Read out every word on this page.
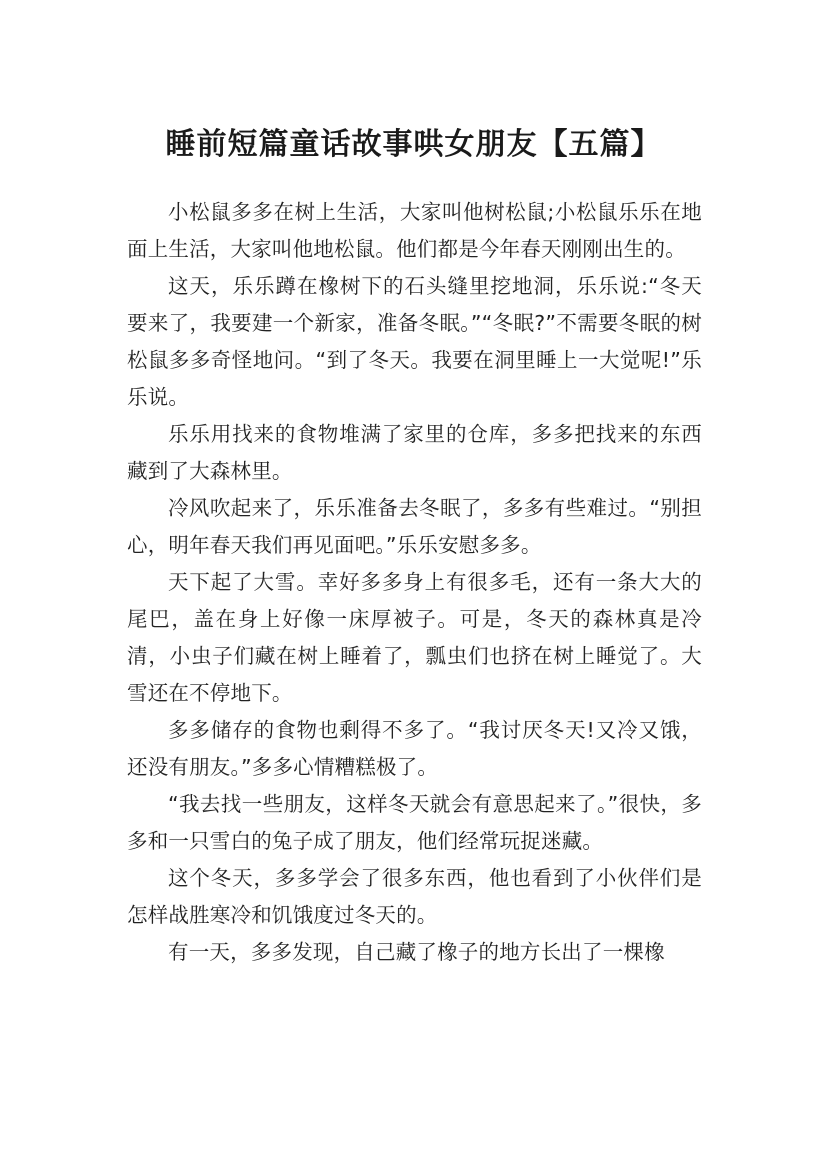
睡前短篇童话故事哄女朋友【五篇】

小松鼠多多在树上生活，大家叫他树松鼠;小松鼠乐乐在地面上生活，大家叫他地松鼠。他们都是今年春天刚刚出生的。

这天，乐乐蹲在橡树下的石头缝里挖地洞，乐乐说:“冬天要来了，我要建一个新家，准备冬眠。”“冬眠?”不需要冬眠的树松鼠多多奇怪地问。“到了冬天。我要在洞里睡上一大觉呢!”乐乐说。

乐乐用找来的食物堆满了家里的仓库，多多把找来的东西藏到了大森林里。

冷风吹起来了，乐乐准备去冬眠了，多多有些难过。“别担心，明年春天我们再见面吧。”乐乐安慰多多。

天下起了大雪。幸好多多身上有很多毛，还有一条大大的尾巴，盖在身上好像一床厚被子。可是，冬天的森林真是冷清，小虫子们藏在树上睡着了，瓢虫们也挤在树上睡觉了。大雪还在不停地下。

多多储存的食物也剩得不多了。“我讨厌冬天!又冷又饿，还没有朋友。”多多心情糟糕极了。

“我去找一些朋友，这样冬天就会有意思起来了。”很快，多多和一只雪白的兔子成了朋友，他们经常玩捉迷藏。

这个冬天，多多学会了很多东西，他也看到了小伙伴们是怎样战胜寒冷和饥饿度过冬天的。

有一天，多多发现，自己藏了橡子的地方长出了一棵橡
